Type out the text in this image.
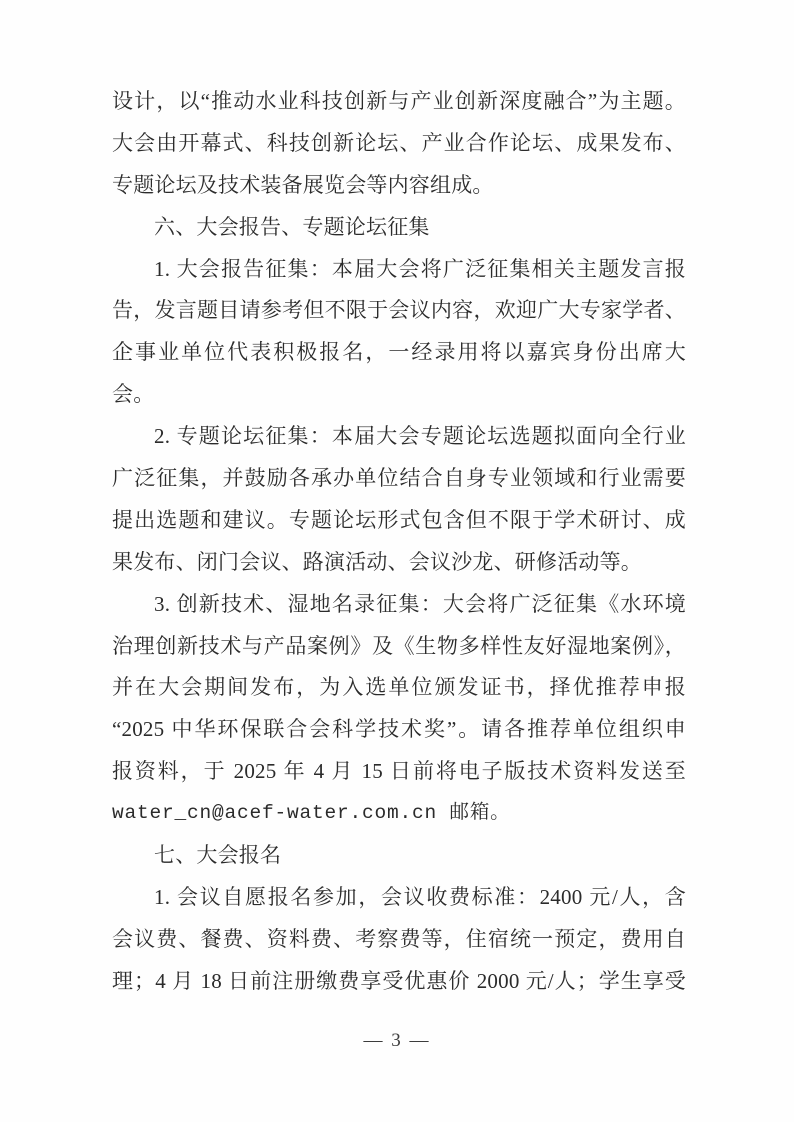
设计，以“推动水业科技创新与产业创新深度融合”为主题。
大会由开幕式、科技创新论坛、产业合作论坛、成果发布、
专题论坛及技术装备展览会等内容组成。
六、大会报告、专题论坛征集
1. 大会报告征集：本届大会将广泛征集相关主题发言报
告，发言题目请参考但不限于会议内容，欢迎广大专家学者、
企事业单位代表积极报名，一经录用将以嘉宾身份出席大
会。
2. 专题论坛征集：本届大会专题论坛选题拟面向全行业
广泛征集，并鼓励各承办单位结合自身专业领域和行业需要
提出选题和建议。专题论坛形式包含但不限于学术研讨、成
果发布、闭门会议、路演活动、会议沙龙、研修活动等。
3. 创新技术、湿地名录征集：大会将广泛征集《水环境
治理创新技术与产品案例》及《生物多样性友好湿地案例》，
并在大会期间发布，为入选单位颁发证书，择优推荐申报
“2025 中华环保联合会科学技术奖”。请各推荐单位组织申
报资料，于 2025 年 4 月 15 日前将电子版技术资料发送至
water_cn@acef-water.com.cn 邮箱。
七、大会报名
1. 会议自愿报名参加，会议收费标准：2400 元/人，含
会议费、餐费、资料费、考察费等，住宿统一预定，费用自
理；4 月 18 日前注册缴费享受优惠价 2000 元/人；学生享受
— 3 —
